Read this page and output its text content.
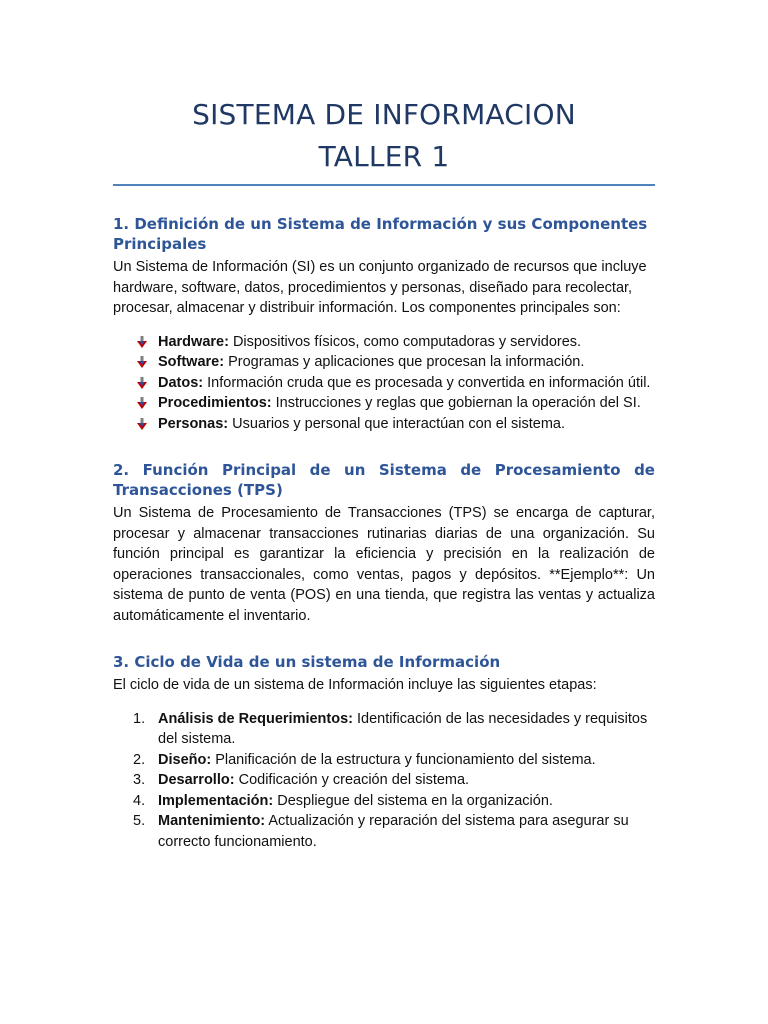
SISTEMA DE INFORMACION
TALLER 1
1. Definición de un Sistema de Información y sus Componentes Principales

Un Sistema de Información (SI) es un conjunto organizado de recursos que incluye hardware, software, datos, procedimientos y personas, diseñado para recolectar, procesar, almacenar y distribuir información. Los componentes principales son:

Hardware: Dispositivos físicos, como computadoras y servidores.
Software: Programas y aplicaciones que procesan la información.
Datos: Información cruda que es procesada y convertida en información útil.
Procedimientos: Instrucciones y reglas que gobiernan la operación del SI.
Personas: Usuarios y personal que interactúan con el sistema.
2. Función Principal de un Sistema de Procesamiento de Transacciones (TPS)

Un Sistema de Procesamiento de Transacciones (TPS) se encarga de capturar, procesar y almacenar transacciones rutinarias diarias de una organización. Su función principal es garantizar la eficiencia y precisión en la realización de operaciones transaccionales, como ventas, pagos y depósitos. **Ejemplo**: Un sistema de punto de venta (POS) en una tienda, que registra las ventas y actualiza automáticamente el inventario.

3. Ciclo de Vida de un sistema de Información

El ciclo de vida de un sistema de Información incluye las siguientes etapas:

1. Análisis de Requerimientos: Identificación de las necesidades y requisitos del sistema.
2. Diseño: Planificación de la estructura y funcionamiento del sistema.
3. Desarrollo: Codificación y creación del sistema.
4. Implementación: Despliegue del sistema en la organización.
5. Mantenimiento: Actualización y reparación del sistema para asegurar su correcto funcionamiento.
